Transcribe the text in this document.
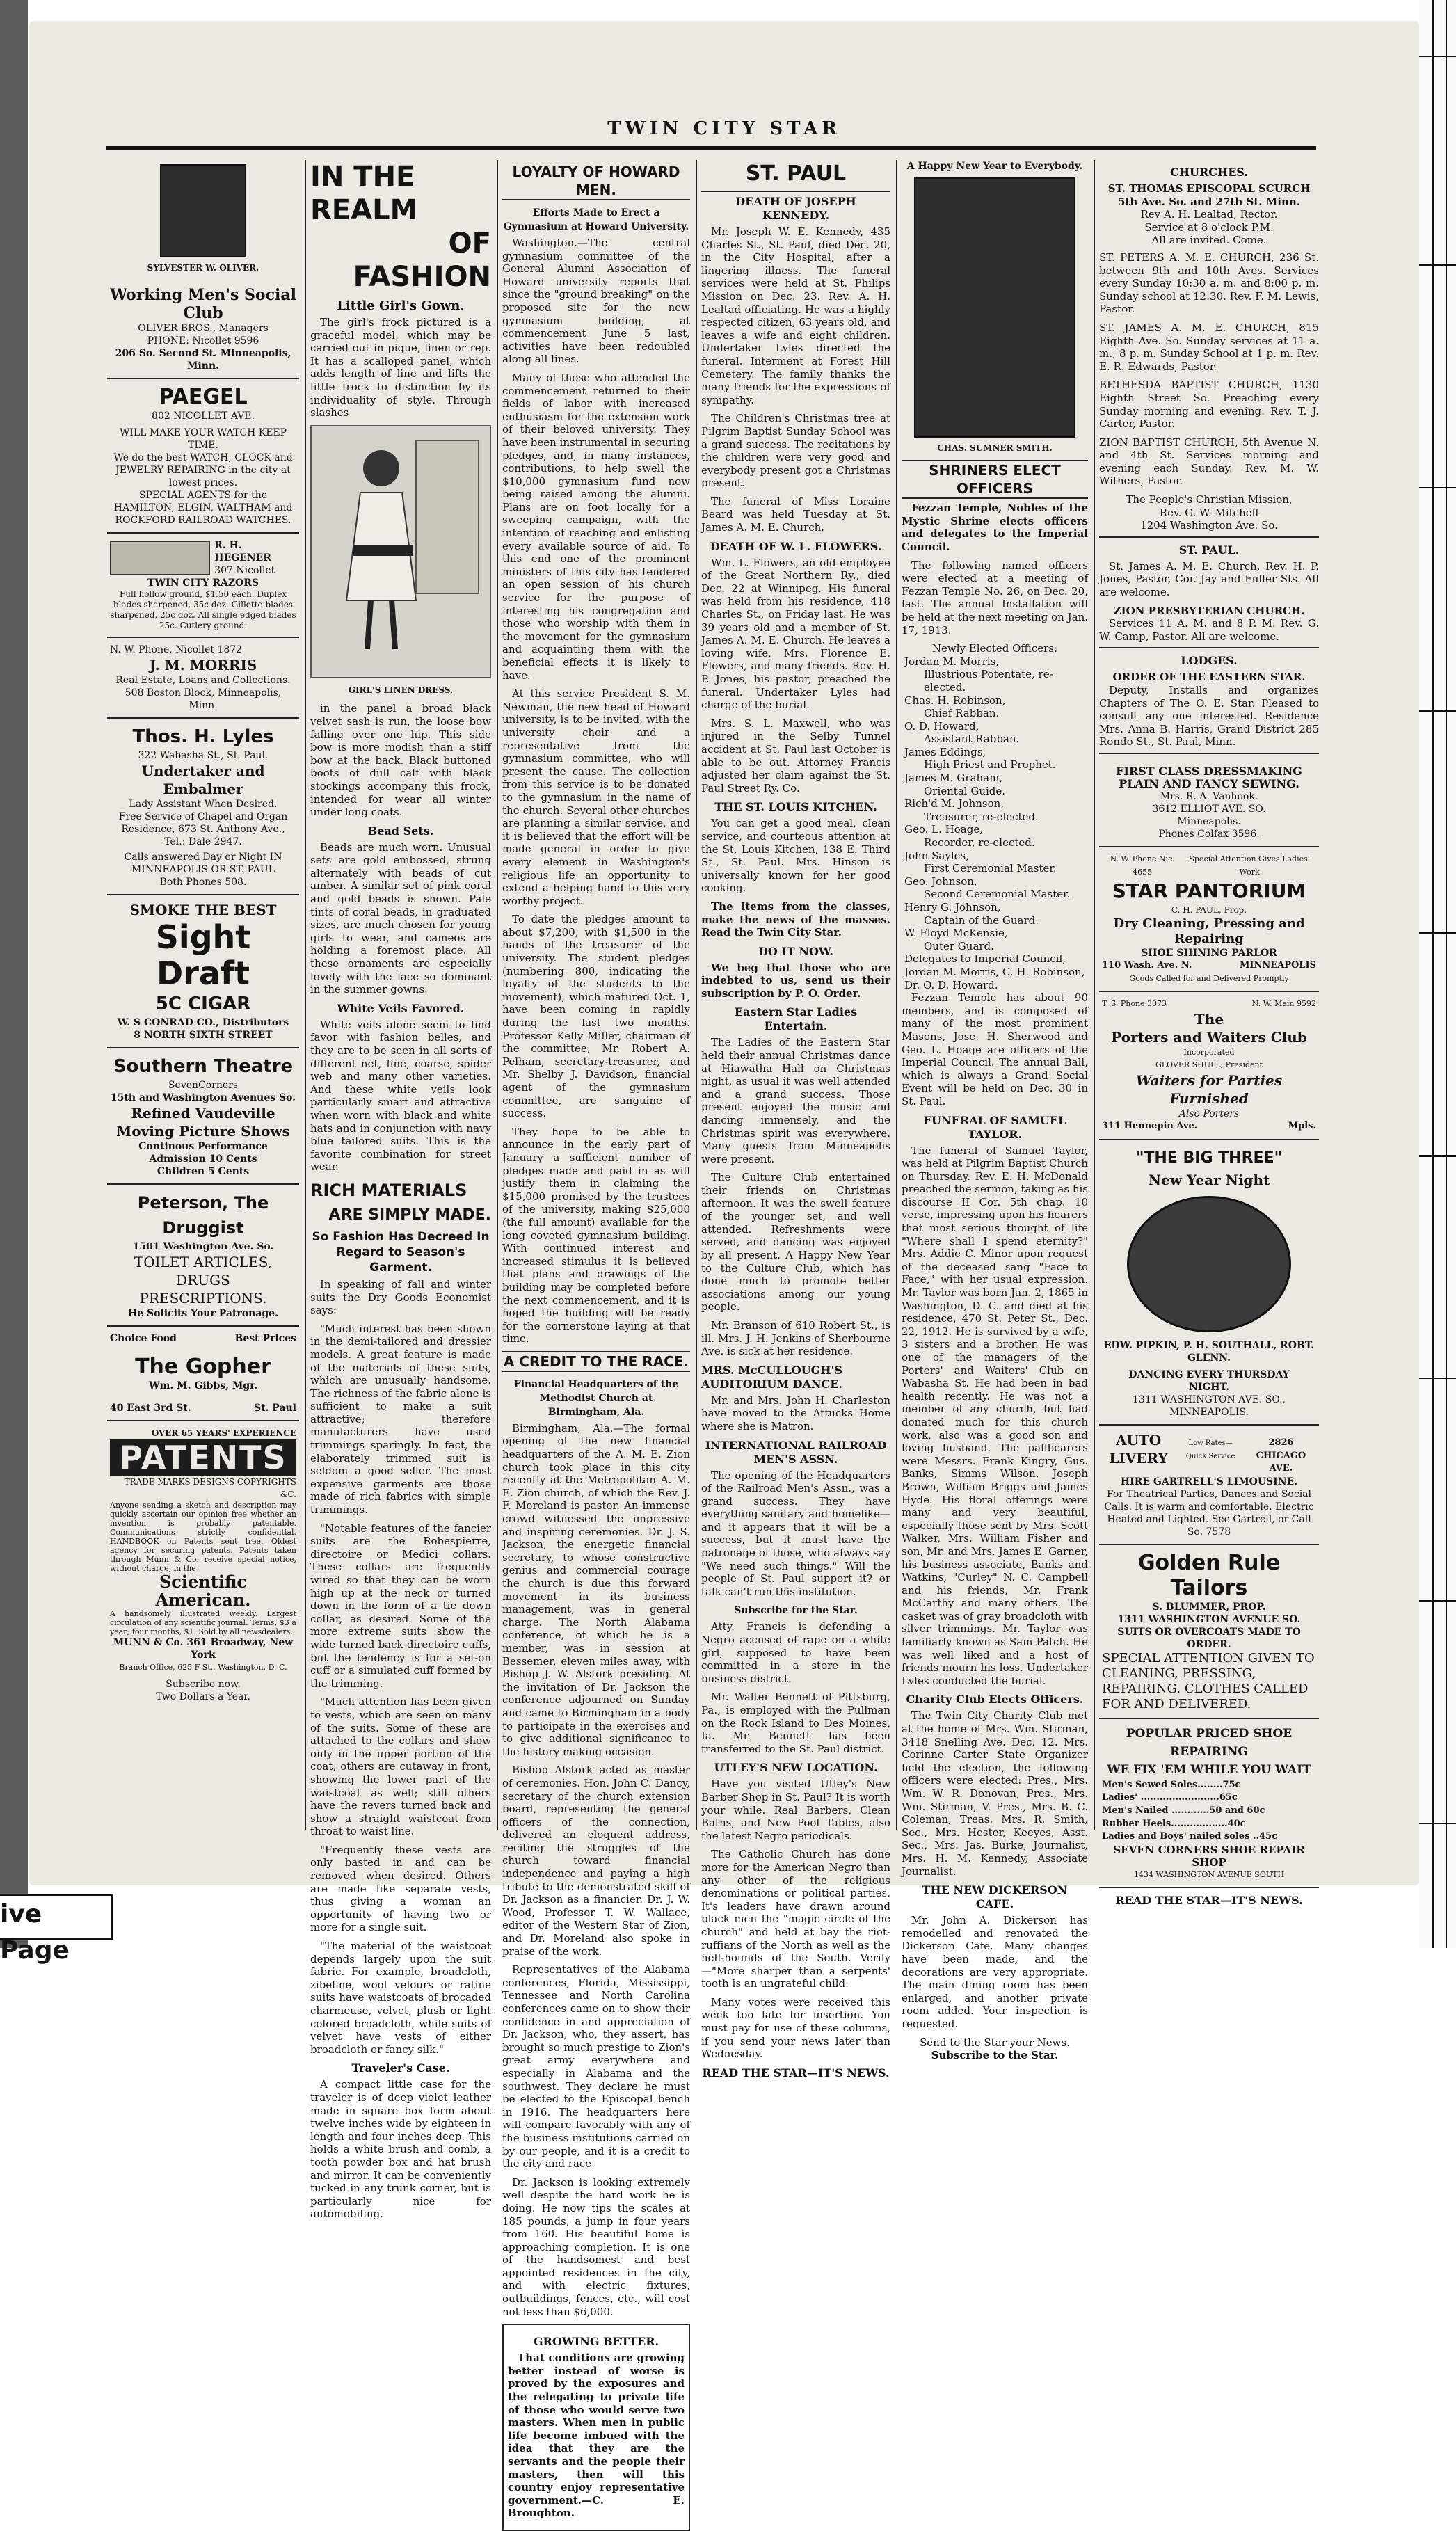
TWIN CITY STAR
SYLVESTER W. OLIVER.
Working Men's Social Club
OLIVER BROS., Managers
PHONE: Nicollet 9596
206 So. Second St. Minneapolis, Minn.
PAEGEL
802 NICOLLET AVE.
WILL MAKE YOUR WATCH KEEP TIME.
We do the best WATCH, CLOCK and JEWELRY REPAIRING in the city at lowest prices.
SPECIAL AGENTS for the HAMILTON, ELGIN, WALTHAM and ROCKFORD RAILROAD WATCHES.
R. H. HEGENER
307 Nicollet
TWIN CITY RAZORS
Full hollow ground, $1.50 each. Duplex blades sharpened, 35c doz. Gillette blades sharpened, 25c doz. All single edged blades 25c. Cutlery ground.
N. W. Phone, Nicollet 1872
J. M. MORRIS
Real Estate, Loans and Collections.
508 Boston Block, Minneapolis, Minn.
Thos. H. Lyles
322 Wabasha St., St. Paul.
Undertaker and Embalmer
Lady Assistant When Desired.
Free Service of Chapel and Organ
Residence, 673 St. Anthony Ave.,
Tel.: Dale 2947.
Calls answered Day or Night IN MINNEAPOLIS OR ST. PAUL
Both Phones 508.
SMOKE THE BEST
Sight Draft
5C CIGAR
W. S CONRAD CO., Distributors
8 NORTH SIXTH STREET
Southern Theatre
SevenCorners
15th and Washington Avenues So.
Refined Vaudeville
Moving Picture Shows
Continous Performance
Admission 10 Cents
Children 5 Cents
Peterson, The Druggist
1501 Washington Ave. So.
TOILET ARTICLES, DRUGS
PRESCRIPTIONS.
He Solicits Your Patronage.
Choice Food	Best Prices
The Gopher
Wm. M. Gibbs, Mgr.
40 East 3rd St.	St. Paul
OVER 65 YEARS' EXPERIENCE
PATENTS
TRADE MARKS DESIGNS COPYRIGHTS &C.
Anyone sending a sketch and description may quickly ascertain our opinion free whether an invention is probably patentable. Communications strictly confidential. HANDBOOK on Patents sent free. Oldest agency for securing patents. Patents taken through Munn & Co. receive special notice, without charge, in the
Scientific American.
A handsomely illustrated weekly. Largest circulation of any scientific journal. Terms, $3 a year; four months, $1. Sold by all newsdealers.
MUNN & Co. 361 Broadway, New York
Branch Office, 625 F St., Washington, D. C.
Subscribe now.
Two Dollars a Year.
IN THE REALM
OF FASHION
Little Girl's Gown.

The girl's frock pictured is a graceful model, which may be carried out in pique, linen or rep. It has a scalloped panel, which adds length of line and lifts the little frock to distinction by its individuality of style. Through slashes

GIRL'S LINEN DRESS.

in the panel a broad black velvet sash is run, the loose bow falling over one hip. This side bow is more modish than a stiff bow at the back. Black buttoned boots of dull calf with black stockings accompany this frock, intended for wear all winter under long coats.

Bead Sets.

Beads are much worn. Unusual sets are gold embossed, strung alternately with beads of cut amber. A similar set of pink coral and gold beads is shown. Pale tints of coral beads, in graduated sizes, are much chosen for young girls to wear, and cameos are holding a foremost place. All these ornaments are especially lovely with the lace so dominant in the summer gowns.

White Veils Favored.

White veils alone seem to find favor with fashion belles, and they are to be seen in all sorts of different net, fine, coarse, spider web and many other varieties. And these white veils look particularly smart and attractive when worn with black and white hats and in conjunction with navy blue tailored suits. This is the favorite combination for street wear.

RICH MATERIALS
ARE SIMPLY MADE.
So Fashion Has Decreed In Regard to Season's Garment.

In speaking of fall and winter suits the Dry Goods Economist says:

"Much interest has been shown in the demi-tailored and dressier models. A great feature is made of the materials of these suits, which are unusually handsome. The richness of the fabric alone is sufficient to make a suit attractive; therefore manufacturers have used trimmings sparingly. In fact, the elaborately trimmed suit is seldom a good seller. The most expensive garments are those made of rich fabrics with simple trimmings.

"Notable features of the fancier suits are the Robespierre, directoire or Medici collars. These collars are frequently wired so that they can be worn high up at the neck or turned down in the form of a tie down collar, as desired. Some of the more extreme suits show the wide turned back directoire cuffs, but the tendency is for a set-on cuff or a simulated cuff formed by the trimming.

"Much attention has been given to vests, which are seen on many of the suits. Some of these are attached to the collars and show only in the upper portion of the coat; others are cutaway in front, showing the lower part of the waistcoat as well; still others have the revers turned back and show a straight waistcoat from throat to waist line.

"Frequently these vests are only basted in and can be removed when desired. Others are made like separate vests, thus giving a woman an opportunity of having two or more for a single suit.

"The material of the waistcoat depends largely upon the suit fabric. For example, broadcloth, zibeline, wool velours or ratine suits have waistcoats of brocaded charmeuse, velvet, plush or light colored broadcloth, while suits of velvet have vests of either broadcloth or fancy silk."

Traveler's Case.

A compact little case for the traveler is of deep violet leather made in square box form about twelve inches wide by eighteen in length and four inches deep. This holds a white brush and comb, a tooth powder box and hat brush and mirror. It can be conveniently tucked in any trunk corner, but is particularly nice for automobiling.

LOYALTY OF HOWARD MEN.
Efforts Made to Erect a Gymnasium at Howard University.

Washington.—The central gymnasium committee of the General Alumni Association of Howard university reports that since the "ground breaking" on the proposed site for the new gymnasium building, at commencement June 5 last, activities have been redoubled along all lines.

Many of those who attended the commencement returned to their fields of labor with increased enthusiasm for the extension work of their beloved university. They have been instrumental in securing pledges, and, in many instances, contributions, to help swell the $10,000 gymnasium fund now being raised among the alumni. Plans are on foot locally for a sweeping campaign, with the intention of reaching and enlisting every available source of aid. To this end one of the prominent ministers of this city has tendered an open session of his church service for the purpose of interesting his congregation and those who worship with them in the movement for the gymnasium and acquainting them with the beneficial effects it is likely to have.

At this service President S. M. Newman, the new head of Howard university, is to be invited, with the university choir and a representative from the gymnasium committee, who will present the cause. The collection from this service is to be donated to the gymnasium in the name of the church. Several other churches are planning a similar service, and it is believed that the effort will be made general in order to give every element in Washington's religious life an opportunity to extend a helping hand to this very worthy project.

To date the pledges amount to about $7,200, with $1,500 in the hands of the treasurer of the university. The student pledges (numbering 800, indicating the loyalty of the students to the movement), which matured Oct. 1, have been coming in rapidly during the last two months. Professor Kelly Miller, chairman of the committee; Mr. Robert A. Pelham, secretary-treasurer, and Mr. Shelby J. Davidson, financial agent of the gymnasium committee, are sanguine of success.

They hope to be able to announce in the early part of January a sufficient number of pledges made and paid in as will justify them in claiming the $15,000 promised by the trustees of the university, making $25,000 (the full amount) available for the long coveted gymnasium building. With continued interest and increased stimulus it is believed that plans and drawings of the building may be completed before the next commencement, and it is hoped the building will be ready for the cornerstone laying at that time.

A CREDIT TO THE RACE.
Financial Headquarters of the Methodist Church at Birmingham, Ala.

Birmingham, Ala.—The formal opening of the new financial headquarters of the A. M. E. Zion church took place in this city recently at the Metropolitan A. M. E. Zion church, of which the Rev. J. F. Moreland is pastor. An immense crowd witnessed the impressive and inspiring ceremonies. Dr. J. S. Jackson, the energetic financial secretary, to whose constructive genius and commercial courage the church is due this forward movement in its business management, was in general charge. The North Alabama conference, of which he is a member, was in session at Bessemer, eleven miles away, with Bishop J. W. Alstork presiding. At the invitation of Dr. Jackson the conference adjourned on Sunday and came to Birmingham in a body to participate in the exercises and to give additional significance to the history making occasion.

Bishop Alstork acted as master of ceremonies. Hon. John C. Dancy, secretary of the church extension board, representing the general officers of the connection, delivered an eloquent address, reciting the struggles of the church toward financial independence and paying a high tribute to the demonstrated skill of Dr. Jackson as a financier. Dr. J. W. Wood, Professor T. W. Wallace, editor of the Western Star of Zion, and Dr. Moreland also spoke in praise of the work.

Representatives of the Alabama conferences, Florida, Mississippi, Tennessee and North Carolina conferences came on to show their confidence in and appreciation of Dr. Jackson, who, they assert, has brought so much prestige to Zion's great army everywhere and especially in Alabama and the southwest. They declare he must be elected to the Episcopal bench in 1916. The headquarters here will compare favorably with any of the business institutions carried on by our people, and it is a credit to the city and race.

Dr. Jackson is looking extremely well despite the hard work he is doing. He now tips the scales at 185 pounds, a jump in four years from 160. His beautiful home is approaching completion. It is one of the handsomest and best appointed residences in the city, and with electric fixtures, outbuildings, fences, etc., will cost not less than $6,000.

GROWING BETTER.

That conditions are growing better instead of worse is proved by the exposures and the relegating to private life of those who would serve two masters. When men in public life become imbued with the idea that they are the servants and the people their masters, then will this country enjoy representative government.—C. E. Broughton.

ST. PAUL
DEATH OF JOSEPH KENNEDY.

Mr. Joseph W. E. Kennedy, 435 Charles St., St. Paul, died Dec. 20, in the City Hospital, after a lingering illness. The funeral services were held at St. Philips Mission on Dec. 23. Rev. A. H. Lealtad officiating. He was a highly respected citizen, 63 years old, and leaves a wife and eight children. Undertaker Lyles directed the funeral. Interment at Forest Hill Cemetery. The family thanks the many friends for the expressions of sympathy.

The Children's Christmas tree at Pilgrim Baptist Sunday School was a grand success. The recitations by the children were very good and everybody present got a Christmas present.

The funeral of Miss Loraine Beard was held Tuesday at St. James A. M. E. Church.

DEATH OF W. L. FLOWERS.

Wm. L. Flowers, an old employee of the Great Northern Ry., died Dec. 22 at Winnipeg. His funeral was held from his residence, 418 Charles St., on Friday last. He was 39 years old and a member of St. James A. M. E. Church. He leaves a loving wife, Mrs. Florence E. Flowers, and many friends. Rev. H. P. Jones, his pastor, preached the funeral. Undertaker Lyles had charge of the burial.

Mrs. S. L. Maxwell, who was injured in the Selby Tunnel accident at St. Paul last October is able to be out. Attorney Francis adjusted her claim against the St. Paul Street Ry. Co.

THE ST. LOUIS KITCHEN.

You can get a good meal, clean service, and courteous attention at the St. Louis Kitchen, 138 E. Third St., St. Paul. Mrs. Hinson is universally known for her good cooking.

The items from the classes, make the news of the masses. Read the Twin City Star.

DO IT NOW.

We beg that those who are indebted to us, send us their subscription by P. O. Order.

Eastern Star Ladies Entertain.

The Ladies of the Eastern Star held their annual Christmas dance at Hiawatha Hall on Christmas night, as usual it was well attended and a grand success. Those present enjoyed the music and dancing immensely, and the Christmas spirit was everywhere. Many guests from Minneapolis were present.

The Culture Club entertained their friends on Christmas afternoon. It was the swell feature of the younger set, and well attended. Refreshments were served, and dancing was enjoyed by all present. A Happy New Year to the Culture Club, which has done much to promote better associations among our young people.

Mr. Branson of 610 Robert St., is ill. Mrs. J. H. Jenkins of Sherbourne Ave. is sick at her residence.

MRS. McCULLOUGH'S AUDITORIUM DANCE.

Mr. and Mrs. John H. Charleston have moved to the Attucks Home where she is Matron.

INTERNATIONAL RAILROAD MEN'S ASSN.

The opening of the Headquarters of the Railroad Men's Assn., was a grand success. They have everything sanitary and homelike—and it appears that it will be a success, but it must have the patronage of those, who always say "We need such things." Will the people of St. Paul support it? or talk can't run this institution.

Subscribe for the Star.

Atty. Francis is defending a Negro accused of rape on a white girl, supposed to have been committed in a store in the business district.

Mr. Walter Bennett of Pittsburg, Pa., is employed with the Pullman on the Rock Island to Des Moines, Ia. Mr. Bennett has been transferred to the St. Paul district.

UTLEY'S NEW LOCATION.

Have you visited Utley's New Barber Shop in St. Paul? It is worth your while. Real Barbers, Clean Baths, and New Pool Tables, also the latest Negro periodicals.

The Catholic Church has done more for the American Negro than any other of the religious denominations or political parties. It's leaders have drawn around black men the "magic circle of the church" and held at bay the riot-ruffians of the North as well as the hell-hounds of the South. Verily—"More sharper than a serpents' tooth is an ungrateful child.

Many votes were received this week too late for insertion. You must pay for use of these columns, if you send your news later than Wednesday.

READ THE STAR—IT'S NEWS.
A Happy New Year to Everybody.
CHAS. SUMNER SMITH.
SHRINERS ELECT OFFICERS

Fezzan Temple, Nobles of the Mystic Shrine elects officers and delegates to the Imperial Council.

The following named officers were elected at a meeting of Fezzan Temple No. 26, on Dec. 20, last. The annual Installation will be held at the next meeting on Jan. 17, 1913.

Newly Elected Officers:
Jordan M. Morris,
Illustrious Potentate, re-elected.
Chas. H. Robinson,
Chief Rabban.
O. D. Howard,
Assistant Rabban.
James Eddings,
High Priest and Prophet.
James M. Graham,
Oriental Guide.
Rich'd M. Johnson,
Treasurer, re-elected.
Geo. L. Hoage,
Recorder, re-elected.
John Sayles,
First Ceremonial Master.
Geo. Johnson,
Second Ceremonial Master.
Henry G. Johnson,
Captain of the Guard.
W. Floyd McKensie,
Outer Guard.
Delegates to Imperial Council,
Jordan M. Morris, C. H. Robinson,
Dr. O. D. Howard.

Fezzan Temple has about 90 members, and is composed of many of the most prominent Masons, Jose. H. Sherwood and Geo. L. Hoage are officers of the Imperial Council. The annual Ball, which is always a Grand Social Event will be held on Dec. 30 in St. Paul.

FUNERAL OF SAMUEL TAYLOR.

The funeral of Samuel Taylor, was held at Pilgrim Baptist Church on Thursday. Rev. E. H. McDonald preached the sermon, taking as his discourse II Cor. 5th chap. 10 verse, impressing upon his hearers that most serious thought of life "Where shall I spend eternity?" Mrs. Addie C. Minor upon request of the deceased sang "Face to Face," with her usual expression. Mr. Taylor was born Jan. 2, 1865 in Washington, D. C. and died at his residence, 470 St. Peter St., Dec. 22, 1912. He is survived by a wife, 3 sisters and a brother. He was one of the managers of the Porters' and Waiters' Club on Wabasha St. He had been in bad health recently. He was not a member of any church, but had donated much for this church work, also was a good son and loving husband. The pallbearers were Messrs. Frank Kingry, Gus. Banks, Simms Wilson, Joseph Brown, William Briggs and James Hyde. His floral offerings were many and very beautiful, especially those sent by Mrs. Scott Walker, Mrs. William Fisher and son, Mr. and Mrs. James E. Garner, his business associate, Banks and Watkins, "Curley" N. C. Campbell and his friends, Mr. Frank McCarthy and many others. The casket was of gray broadcloth with silver trimmings. Mr. Taylor was familiarly known as Sam Patch. He was well liked and a host of friends mourn his loss. Undertaker Lyles conducted the burial.

Charity Club Elects Officers.

The Twin City Charity Club met at the home of Mrs. Wm. Stirman, 3418 Snelling Ave. Dec. 12. Mrs. Corinne Carter State Organizer held the election, the following officers were elected: Pres., Mrs. Wm. W. R. Donovan, Pres., Mrs. Wm. Stirman, V. Pres., Mrs. B. C. Coleman, Treas. Mrs. R. Smith, Sec., Mrs. Hester, Keeyes, Asst. Sec., Mrs. Jas. Burke, Journalist, Mrs. H. M. Kennedy, Associate Journalist.

THE NEW DICKERSON CAFE.

Mr. John A. Dickerson has remodelled and renovated the Dickerson Cafe. Many changes have been made, and the decorations are very appropriate. The main dining room has been enlarged, and another private room added. Your inspection is requested.

Send to the Star your News.
Subscribe to the Star.
CHURCHES.
ST. THOMAS EPISCOPAL SCURCH
5th Ave. So. and 27th St. Minn.
Rev A. H. Lealtad, Rector.
Service at 8 o'clock P.M.
All are invited. Come.

ST. PETERS A. M. E. CHURCH, 236 St. between 9th and 10th Aves. Services every Sunday 10:30 a. m. and 8:00 p. m. Sunday school at 12:30. Rev. F. M. Lewis, Pastor.

ST. JAMES A. M. E. CHURCH, 815 Eighth Ave. So. Sunday services at 11 a. m., 8 p. m. Sunday School at 1 p. m. Rev. E. R. Edwards, Pastor.

BETHESDA BAPTIST CHURCH, 1130 Eighth Street So. Preaching every Sunday morning and evening. Rev. T. J. Carter, Pastor.

ZION BAPTIST CHURCH, 5th Avenue N. and 4th St. Services morning and evening each Sunday. Rev. M. W. Withers, Pastor.

The People's Christian Mission,
Rev. G. W. Mitchell
1204 Washington Ave. So.
ST. PAUL.

St. James A. M. E. Church, Rev. H. P. Jones, Pastor, Cor. Jay and Fuller Sts. All are welcome.

ZION PRESBYTERIAN CHURCH.

Services 11 A. M. and 8 P. M. Rev. G. W. Camp, Pastor. All are welcome.

LODGES.
ORDER OF THE EASTERN STAR.

Deputy, Installs and organizes Chapters of The O. E. Star. Pleased to consult any one interested. Residence Mrs. Anna B. Harris, Grand District 285 Rondo St., St. Paul, Minn.

FIRST CLASS DRESSMAKING
PLAIN AND FANCY SEWING.
Mrs. R. A. Vanhook.
3612 ELLIOT AVE. SO.
Minneapolis.
Phones Colfax 3596.
N. W. Phone Nic. 4655
Special Attention Gives Ladies' Work
STAR PANTORIUM
C. H. PAUL, Prop.
Dry Cleaning, Pressing and Repairing
SHOE SHINING PARLOR
110 Wash. Ave. N.	MINNEAPOLIS
Goods Called for and Delivered Promptly
T. S. Phone 3073	N. W. Main 9592
The
Porters and Waiters Club
Incorporated
GLOVER SHULL, President
Waiters for Parties Furnished
Also Porters
311 Hennepin Ave.	Mpls.
"THE BIG THREE"
New Year Night
EDW. PIPKIN, P. H. SOUTHALL, ROBT. GLENN.
DANCING EVERY THURSDAY
NIGHT.
1311 WASHINGTON AVE. SO., MINNEAPOLIS.
AUTO LIVERY
Low Rates—Quick Service
2826 CHICAGO AVE.
HIRE GARTRELL'S LIMOUSINE.
For Theatrical Parties, Dances and Social Calls. It is warm and comfortable. Electric Heated and Lighted. See Gartrell, or Call So. 7578
Golden Rule Tailors
S. BLUMMER, PROP.
1311 WASHINGTON AVENUE SO.
SUITS OR OVERCOATS MADE TO ORDER.
SPECIAL ATTENTION GIVEN TO CLEANING, PRESSING, REPAIRING. CLOTHES CALLED FOR AND DELIVERED.
POPULAR PRICED SHOE REPAIRING
WE FIX 'EM WHILE YOU WAIT
Men's Sewed Soles........75c
Ladies' .........................65c
Men's Nailed ............50 and 60c
Rubber Heels..................40c
Ladies and Boys' nailed soles ..45c
SEVEN CORNERS SHOE REPAIR SHOP
1434 WASHINGTON AVENUE SOUTH
READ THE STAR—IT'S NEWS.
ive Page
